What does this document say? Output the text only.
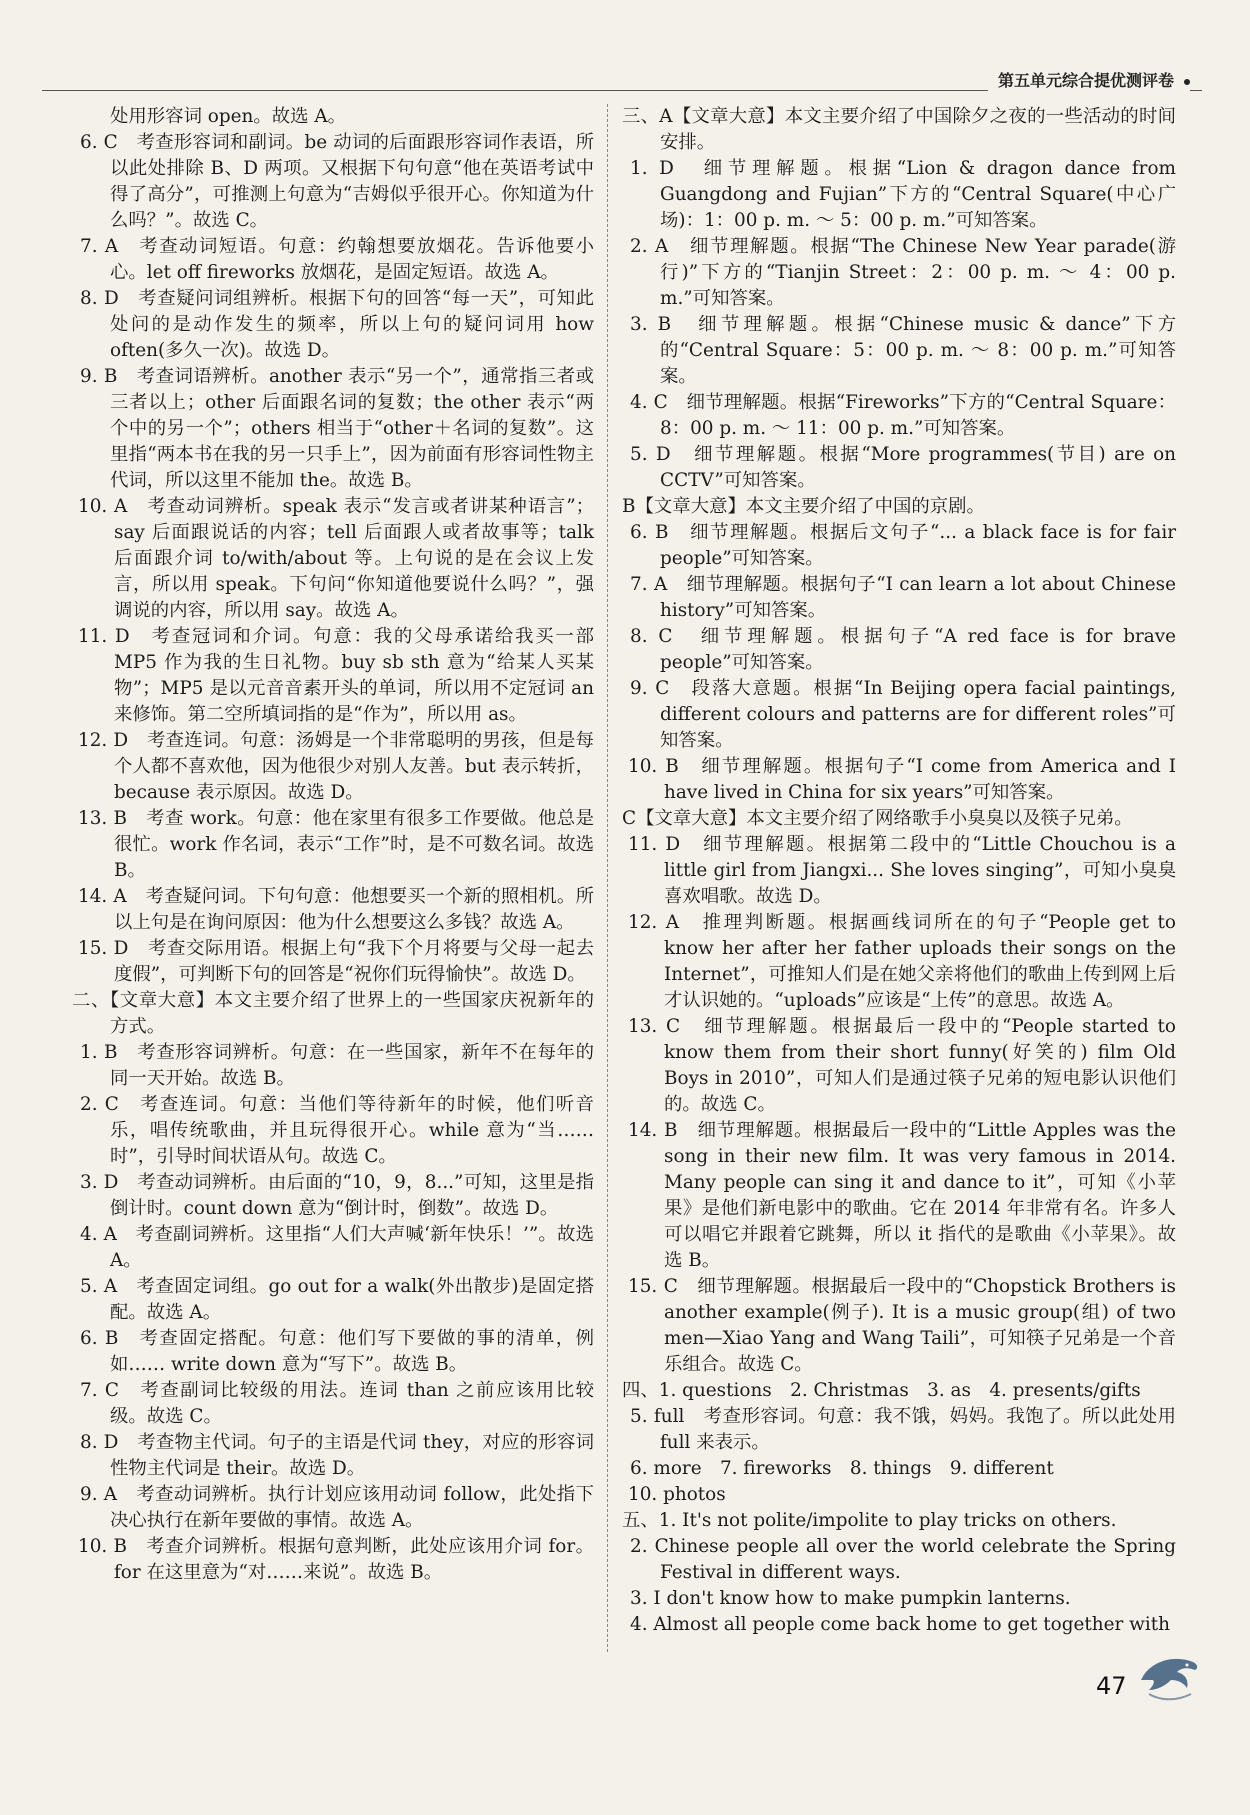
第五单元综合提优测评卷

处用形容词 open。故选 A。

6. C　考查形容词和副词。be 动词的后面跟形容词作表语，所以此处排除 B、D 两项。又根据下句句意“他在英语考试中得了高分”，可推测上句意为“吉姆似乎很开心。你知道为什么吗？”。故选 C。

7. A　考查动词短语。句意：约翰想要放烟花。告诉他要小心。let off fireworks 放烟花，是固定短语。故选 A。

8. D　考查疑问词组辨析。根据下句的回答“每一天”，可知此处问的是动作发生的频率，所以上句的疑问词用 how often(多久一次)。故选 D。

9. B　考查词语辨析。another 表示“另一个”，通常指三者或三者以上；other 后面跟名词的复数；the other 表示“两个中的另一个”；others 相当于“other＋名词的复数”。这里指“两本书在我的另一只手上”，因为前面有形容词性物主代词，所以这里不能加 the。故选 B。

10. A　考查动词辨析。speak 表示“发言或者讲某种语言”；say 后面跟说话的内容；tell 后面跟人或者故事等；talk 后面跟介词 to/with/about 等。上句说的是在会议上发言，所以用 speak。下句问“你知道他要说什么吗？”，强调说的内容，所以用 say。故选 A。

11. D　考查冠词和介词。句意：我的父母承诺给我买一部 MP5 作为我的生日礼物。buy sb sth 意为“给某人买某物”；MP5 是以元音音素开头的单词，所以用不定冠词 an 来修饰。第二空所填词指的是“作为”，所以用 as。

12. D　考查连词。句意：汤姆是一个非常聪明的男孩，但是每个人都不喜欢他，因为他很少对别人友善。but 表示转折，because 表示原因。故选 D。

13. B　考查 work。句意：他在家里有很多工作要做。他总是很忙。work 作名词，表示“工作”时，是不可数名词。故选 B。

14. A　考查疑问词。下句句意：他想要买一个新的照相机。所以上句是在询问原因：他为什么想要这么多钱？故选 A。

15. D　考查交际用语。根据上句“我下个月将要与父母一起去度假”，可判断下句的回答是“祝你们玩得愉快”。故选 D。

二、【文章大意】本文主要介绍了世界上的一些国家庆祝新年的方式。

1. B　考查形容词辨析。句意：在一些国家，新年不在每年的同一天开始。故选 B。

2. C　考查连词。句意：当他们等待新年的时候，他们听音乐，唱传统歌曲，并且玩得很开心。while 意为“当……时”，引导时间状语从句。故选 C。

3. D　考查动词辨析。由后面的“10，9，8...”可知，这里是指倒计时。count down 意为“倒计时，倒数”。故选 D。

4. A　考查副词辨析。这里指“人们大声喊‘新年快乐！’”。故选 A。

5. A　考查固定词组。go out for a walk(外出散步)是固定搭配。故选 A。

6. B　考查固定搭配。句意：他们写下要做的事的清单，例如…… write down 意为“写下”。故选 B。

7. C　考查副词比较级的用法。连词 than 之前应该用比较级。故选 C。

8. D　考查物主代词。句子的主语是代词 they，对应的形容词性物主代词是 their。故选 D。

9. A　考查动词辨析。执行计划应该用动词 follow，此处指下决心执行在新年要做的事情。故选 A。

10. B　考查介词辨析。根据句意判断，此处应该用介词 for。for 在这里意为“对……来说”。故选 B。

三、A【文章大意】本文主要介绍了中国除夕之夜的一些活动的时间安排。

1. D　细节理解题。根据“Lion & dragon dance from Guangdong and Fujian”下方的“Central Square(中心广场)：1：00 p. m. ～ 5：00 p. m.”可知答案。

2. A　细节理解题。根据“The Chinese New Year parade(游行)”下方的“Tianjin Street：2：00 p. m. ～ 4：00 p. m.”可知答案。

3. B　细节理解题。根据“Chinese music & dance”下方的“Central Square：5：00 p. m. ～ 8：00 p. m.”可知答案。

4. C　细节理解题。根据“Fireworks”下方的“Central Square：8：00 p. m. ～ 11：00 p. m.”可知答案。

5. D　细节理解题。根据“More programmes(节目) are on CCTV”可知答案。

B【文章大意】本文主要介绍了中国的京剧。

6. B　细节理解题。根据后文句子“... a black face is for fair people”可知答案。

7. A　细节理解题。根据句子“I can learn a lot about Chinese history”可知答案。

8. C　细节理解题。根据句子“A red face is for brave people”可知答案。

9. C　段落大意题。根据“In Beijing opera facial paintings, different colours and patterns are for different roles”可知答案。

10. B　细节理解题。根据句子“I come from America and I have lived in China for six years”可知答案。

C【文章大意】本文主要介绍了网络歌手小臭臭以及筷子兄弟。

11. D　细节理解题。根据第二段中的“Little Chouchou is a little girl from Jiangxi... She loves singing”，可知小臭臭喜欢唱歌。故选 D。

12. A　推理判断题。根据画线词所在的句子“People get to know her after her father uploads their songs on the Internet”，可推知人们是在她父亲将他们的歌曲上传到网上后才认识她的。“uploads”应该是“上传”的意思。故选 A。

13. C　细节理解题。根据最后一段中的“People started to know them from their short funny(好笑的) film Old Boys in 2010”，可知人们是通过筷子兄弟的短电影认识他们的。故选 C。

14. B　细节理解题。根据最后一段中的“Little Apples was the song in their new film. It was very famous in 2014. Many people can sing it and dance to it”，可知《小苹果》是他们新电影中的歌曲。它在 2014 年非常有名。许多人可以唱它并跟着它跳舞，所以 it 指代的是歌曲《小苹果》。故选 B。

15. C　细节理解题。根据最后一段中的“Chopstick Brothers is another example(例子). It is a music group(组) of two men—Xiao Yang and Wang Taili”，可知筷子兄弟是一个音乐组合。故选 C。

四、1. questions　2. Christmas　3. as　4. presents/gifts

5. full　考查形容词。句意：我不饿，妈妈。我饱了。所以此处用 full 来表示。

6. more　7. fireworks　8. things　9. different

10. photos

五、1. It's not polite/impolite to play tricks on others.

2. Chinese people all over the world celebrate the Spring Festival in different ways.

3. I don't know how to make pumpkin lanterns.

4. Almost all people come back home to get together with

47
